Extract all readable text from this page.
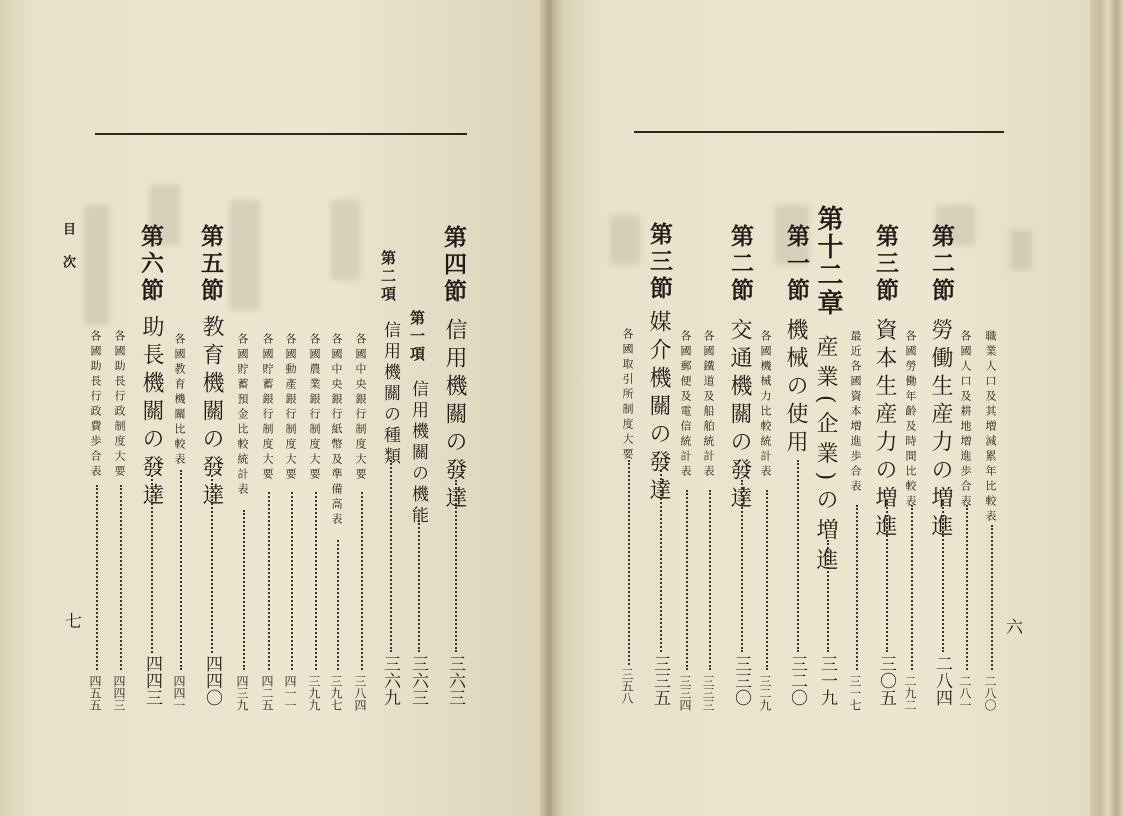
目次
七
第四節
信用機關の發達
三六三
第一項
信用機關の機能
三六三
第二項
信用機關の種類
三六九
各國中央銀行制度大要
三八四
各國中央銀行紙幣及準備高表
三九七
各國農業銀行制度大要
三九九
各國動產銀行制度大要
四一一
各國貯蓄銀行制度大要
四二五
各國貯蓄預金比較統計表
四三九
第五節
教育機關の發達
四四〇
各國教育機關比較表
四四一
第六節
助長機關の發達
四四三
各國助長行政制度大要
四四三
各國助長行政費歩合表
四五五
六
職業人口及其増減累年比較表
二八〇
各國人口及耕地増進歩合表
二八一
第二節
勞働生産力の増進
二八四
各國勞働年齡及時間比較表
二九二
第三節
資本生産力の増進
三〇五
最近各國資本増進歩合表
三一七
第十二章
産業(企業)の増進
三一九
第一節
機械の使用
三二〇
各國機械力比較統計表
三二九
第二節
交通機關の發達
三三〇
各國鐵道及船舶統計表
三三三
各國郵便及電信統計表
三三四
第三節
媒介機關の發達
三三五
各國取引所制度大要
三五八
